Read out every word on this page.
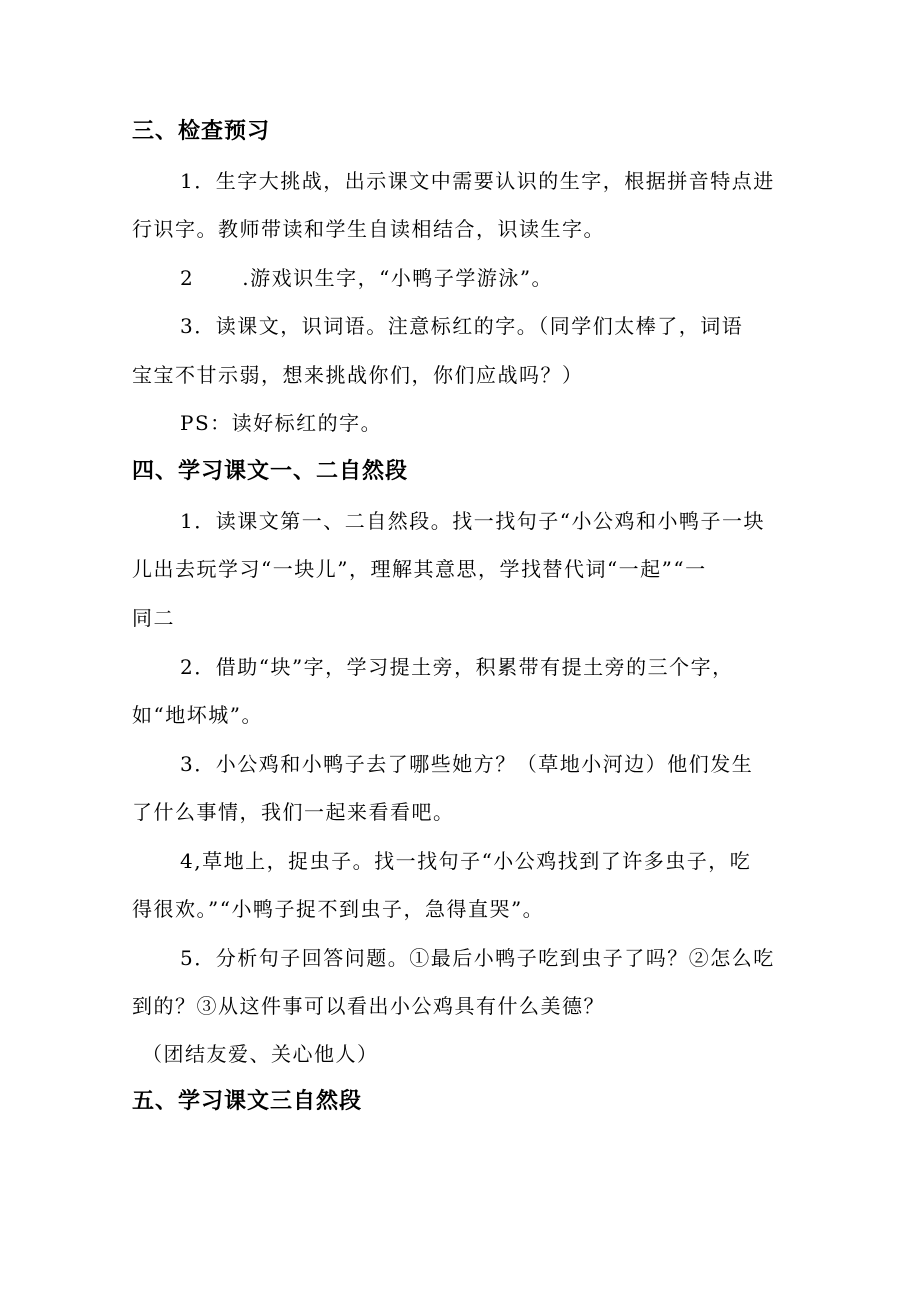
三、检查预习
1．生字大挑战，出示课文中需要认识的生字，根据拼音特点进
行识字。教师带读和学生自读相结合，识读生字。
2 .游戏识生字，“小鸭子学游泳”。
3．读课文，识词语。注意标红的字。（同学们太棒了，词语
宝宝不甘示弱，想来挑战你们，你们应战吗？）
PS：读好标红的字。
四、学习课文一、二自然段
1．读课文第一、二自然段。找一找句子“小公鸡和小鸭子一块
儿出去玩学习“一块儿”，理解其意思，学找替代词“一起”“一
同二
2．借助“块”字，学习提土旁，积累带有提土旁的三个字，
如“地坏城”。
3．小公鸡和小鸭子去了哪些她方？（草地小河边）他们发生
了什么事情，我们一起来看看吧。
4,草地上，捉虫子。找一找句子“小公鸡找到了许多虫子，吃
得很欢。”“小鸭子捉不到虫子，急得直哭”。
5．分析句子回答问题。①最后小鸭子吃到虫子了吗？②怎么吃
到的？③从这件事可以看出小公鸡具有什么美德？
（团结友爱、关心他人）
五、学习课文三自然段
